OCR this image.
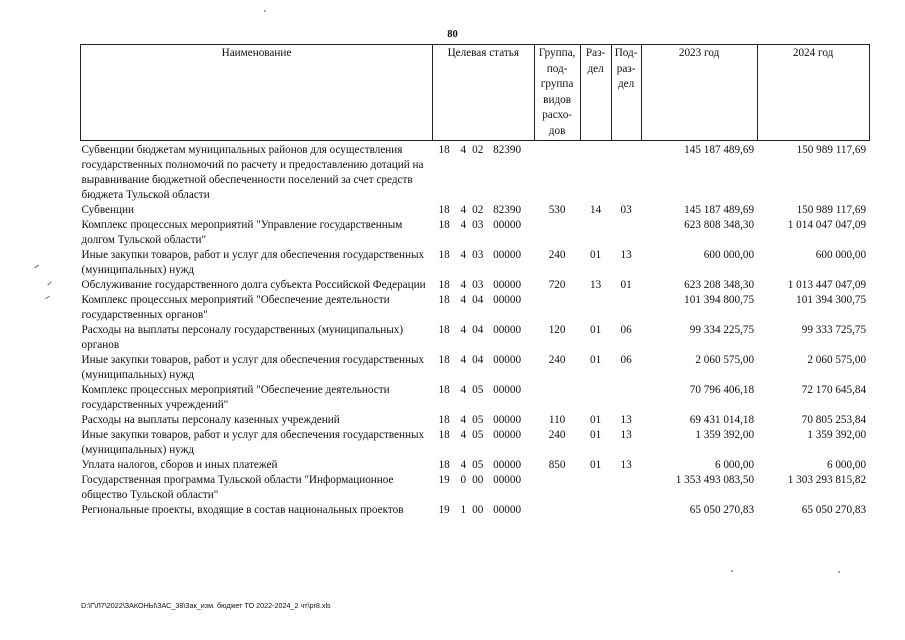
80
Наименование	Целевая статья				Группа, под-группа видов расхо-дов	Раз-дел	Под-раз-дел	2023 год	2024 год
Субвенции бюджетам муниципальных районов для осуществления государственных полномочий по расчету и предоставлению дотаций на выравнивание бюджетной обеспеченности поселений за счет средств бюджета Тульской области	18	4	02	82390				145 187 489,69	150 989 117,69
Субвенции	18	4	02	82390	530	14	03	145 187 489,69	150 989 117,69
Комплекс процессных мероприятий "Управление государственным долгом Тульской области"	18	4	03	00000				623 808 348,30	1 014 047 047,09
Иные закупки товаров, работ и услуг для обеспечения государственных (муниципальных) нужд	18	4	03	00000	240	01	13	600 000,00	600 000,00
Обслуживание государственного долга субъекта Российской Федерации	18	4	03	00000	720	13	01	623 208 348,30	1 013 447 047,09
Комплекс процессных мероприятий "Обеспечение деятельности государственных органов"	18	4	04	00000				101 394 800,75	101 394 300,75
Расходы на выплаты персоналу государственных (муниципальных) органов	18	4	04	00000	120	01	06	99 334 225,75	99 333 725,75
Иные закупки товаров, работ и услуг для обеспечения государственных (муниципальных) нужд	18	4	04	00000	240	01	06	2 060 575,00	2 060 575,00
Комплекс процессных мероприятий "Обеспечение деятельности государственных учреждений"	18	4	05	00000				70 796 406,18	72 170 645,84
Расходы на выплаты персоналу казенных учреждений	18	4	05	00000	110	01	13	69 431 014,18	70 805 253,84
Иные закупки товаров, работ и услуг для обеспечения государственных (муниципальных) нужд	18	4	05	00000	240	01	13	1 359 392,00	1 359 392,00
Уплата налогов, сборов и иных платежей	18	4	05	00000	850	01	13	6 000,00	6 000,00
Государственная программа Тульской области "Информационное общество Тульской области"	19	0	00	00000				1 353 493 083,50	1 303 293 815,82
Региональные проекты, входящие в состав национальных проектов	19	1	00	00000				65 050 270,83	65 050 270,83
D:\Г\Л7\2022\ЗАКОНЫ\ЗАС_38\Зак_изм. бюджет ТО 2022-2024_2 чт\рr8.xls
